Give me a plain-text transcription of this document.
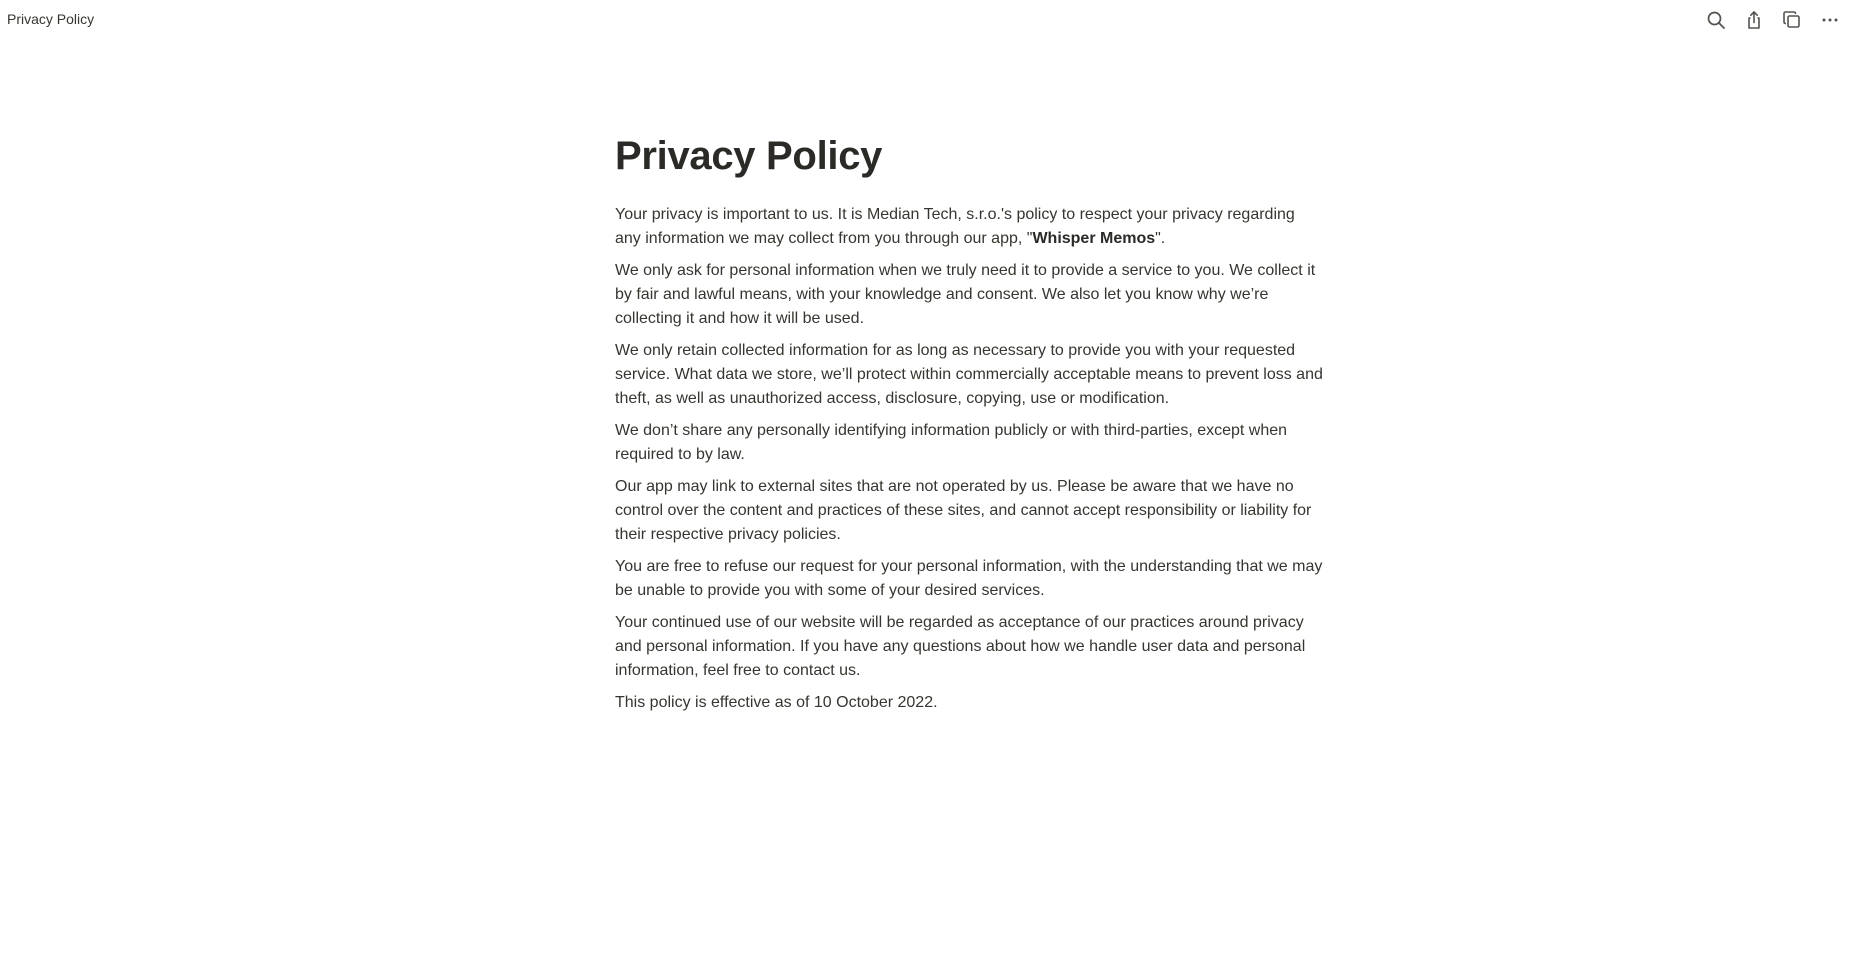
Privacy Policy
Privacy Policy

Your privacy is important to us. It is Median Tech, s.r.o.'s policy to respect your privacy regarding any information we may collect from you through our app, "Whisper Memos".

We only ask for personal information when we truly need it to provide a service to you. We collect it by fair and lawful means, with your knowledge and consent. We also let you know why we’re collecting it and how it will be used.

We only retain collected information for as long as necessary to provide you with your requested service. What data we store, we’ll protect within commercially acceptable means to prevent loss and theft, as well as unauthorized access, disclosure, copying, use or modification.

We don’t share any personally identifying information publicly or with third-parties, except when required to by law.

Our app may link to external sites that are not operated by us. Please be aware that we have no control over the content and practices of these sites, and cannot accept responsibility or liability for their respective privacy policies.

You are free to refuse our request for your personal information, with the understanding that we may be unable to provide you with some of your desired services.

Your continued use of our website will be regarded as acceptance of our practices around privacy and personal information. If you have any questions about how we handle user data and personal information, feel free to contact us.

This policy is effective as of 10 October 2022.
